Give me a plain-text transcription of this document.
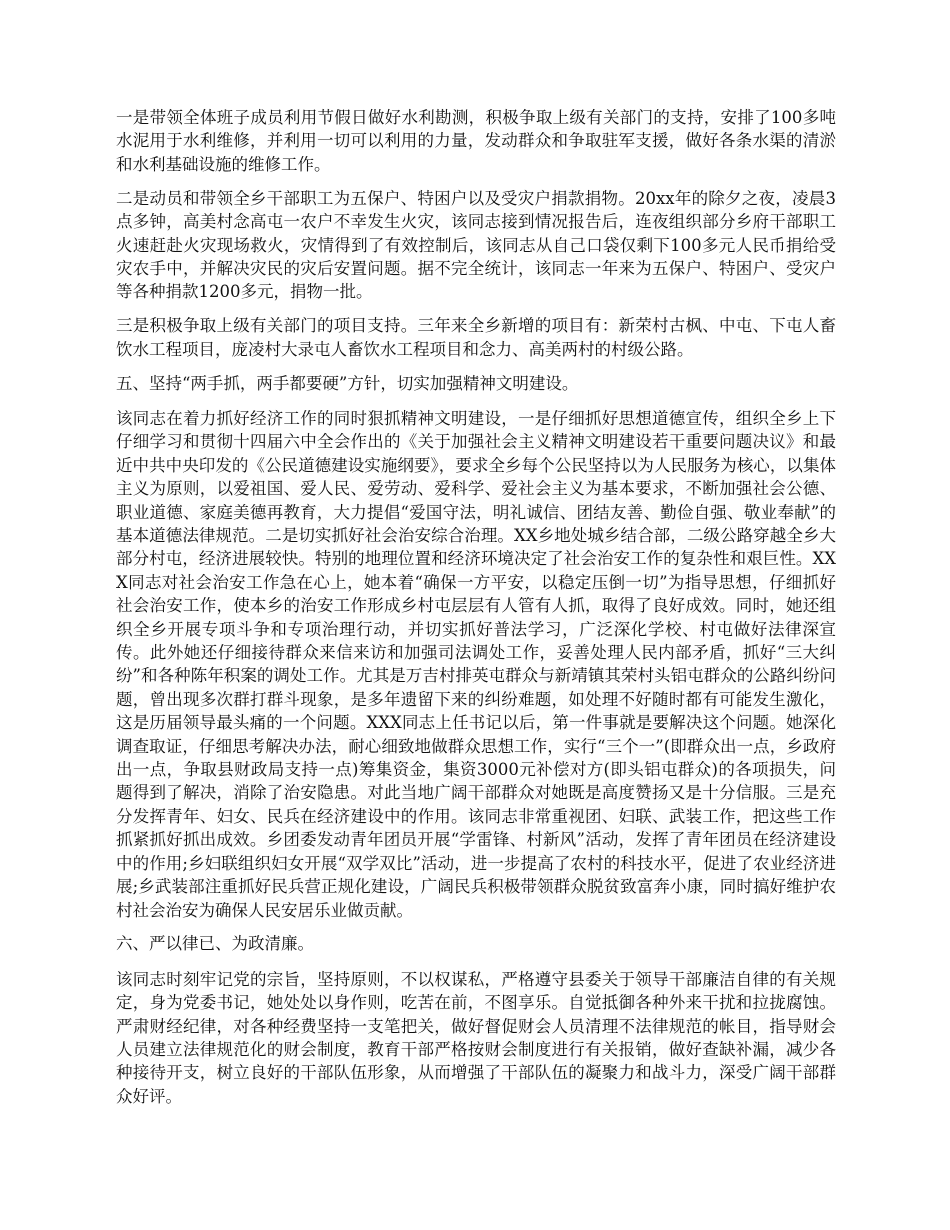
一是带领全体班子成员利用节假日做好水利勘测，积极争取上级有关部门的支持，安排了100多吨水泥用于水利维修，并利用一切可以利用的力量，发动群众和争取驻军支援，做好各条水渠的清淤和水利基础设施的维修工作。

二是动员和带领全乡干部职工为五保户、特困户以及受灾户捐款捐物。20xx年的除夕之夜，凌晨3点多钟，高美村念高屯一农户不幸发生火灾，该同志接到情况报告后，连夜组织部分乡府干部职工火速赶赴火灾现场救火，灾情得到了有效控制后，该同志从自己口袋仅剩下100多元人民币捐给受灾农手中，并解决灾民的灾后安置问题。据不完全统计，该同志一年来为五保户、特困户、受灾户等各种捐款1200多元，捐物一批。

三是积极争取上级有关部门的项目支持。三年来全乡新增的项目有：新荣村古枫、中屯、下屯人畜饮水工程项目，庞凌村大录屯人畜饮水工程项目和念力、高美两村的村级公路。

五、坚持“两手抓，两手都要硬”方针，切实加强精神文明建设。

该同志在着力抓好经济工作的同时狠抓精神文明建设，一是仔细抓好思想道德宣传，组织全乡上下仔细学习和贯彻十四届六中全会作出的《关于加强社会主义精神文明建设若干重要问题决议》和最近中共中央印发的《公民道德建设实施纲要》，要求全乡每个公民坚持以为人民服务为核心，以集体主义为原则，以爱祖国、爱人民、爱劳动、爱科学、爱社会主义为基本要求，不断加强社会公德、职业道德、家庭美德再教育，大力提倡“爱国守法，明礼诚信、团结友善、勤俭自强、敬业奉献”的基本道德法律规范。二是切实抓好社会治安综合治理。XX乡地处城乡结合部，二级公路穿越全乡大部分村屯，经济进展较快。特别的地理位置和经济环境决定了社会治安工作的复杂性和艰巨性。XXX同志对社会治安工作急在心上，她本着“确保一方平安，以稳定压倒一切”为指导思想，仔细抓好社会治安工作，使本乡的治安工作形成乡村屯层层有人管有人抓，取得了良好成效。同时，她还组织全乡开展专项斗争和专项治理行动，并切实抓好普法学习，广泛深化学校、村屯做好法律深宣传。此外她还仔细接待群众来信来访和加强司法调处工作，妥善处理人民内部矛盾，抓好“三大纠纷”和各种陈年积案的调处工作。尤其是万吉村排英屯群众与新靖镇其荣村头铝屯群众的公路纠纷问题，曾出现多次群打群斗现象，是多年遗留下来的纠纷难题，如处理不好随时都有可能发生激化，这是历届领导最头痛的一个问题。XXX同志上任书记以后，第一件事就是要解决这个问题。她深化调查取证，仔细思考解决办法，耐心细致地做群众思想工作，实行“三个一”(即群众出一点，乡政府出一点，争取县财政局支持一点)筹集资金，集资3000元补偿对方(即头铝屯群众)的各项损失，问题得到了解决，消除了治安隐患。对此当地广阔干部群众对她既是高度赞扬又是十分信服。三是充分发挥青年、妇女、民兵在经济建设中的作用。该同志非常重视团、妇联、武装工作，把这些工作抓紧抓好抓出成效。乡团委发动青年团员开展“学雷锋、村新风”活动，发挥了青年团员在经济建设中的作用;乡妇联组织妇女开展“双学双比”活动，进一步提高了农村的科技水平，促进了农业经济进展;乡武装部注重抓好民兵营正规化建设，广阔民兵积极带领群众脱贫致富奔小康，同时搞好维护农村社会治安为确保人民安居乐业做贡献。

六、严以律已、为政清廉。

该同志时刻牢记党的宗旨，坚持原则，不以权谋私，严格遵守县委关于领导干部廉洁自律的有关规定，身为党委书记，她处处以身作则，吃苦在前，不图享乐。自觉抵御各种外来干扰和拉拢腐蚀。严肃财经纪律，对各种经费坚持一支笔把关，做好督促财会人员清理不法律规范的帐目，指导财会人员建立法律规范化的财会制度，教育干部严格按财会制度进行有关报销，做好查缺补漏，减少各种接待开支，树立良好的干部队伍形象，从而增强了干部队伍的凝聚力和战斗力，深受广阔干部群众好评。
